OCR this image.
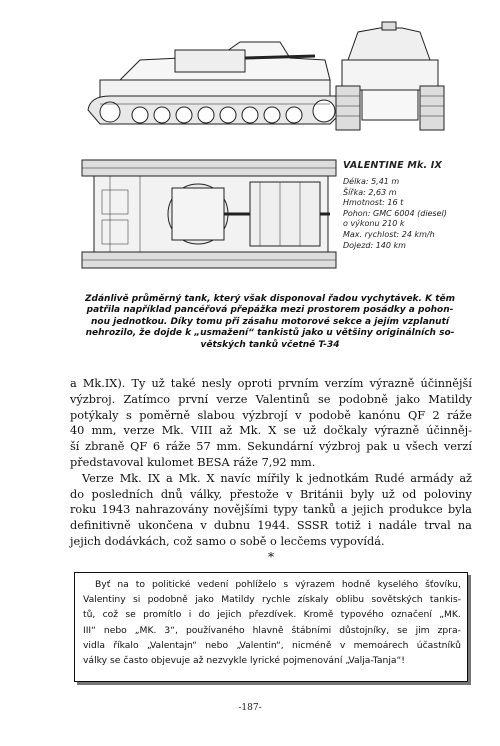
VALENTINE Mk. IX
Délka: 5,41 m
Šířka: 2,63 m
Hmotnost: 16 t
Pohon: GMC 6004 (diesel)
o výkonu 210 k
Max. rychlost: 24 km/h
Dojezd: 140 km
Zdánlivě průměrný tank, který však disponoval řadou vychytávek. K těm
patřila například pancéřová přepážka mezi prostorem posádky a pohon-
nou jednotkou. Díky tomu při zásahu motorové sekce a jejím vzplanutí
nehrozilo, že dojde k „usmažení“ tankistů jako u většiny originálních so-
větských tanků včetně T-34
a Mk.IX). Ty už také nesly oproti prvním verzím výrazně účinnější
výzbroj. Zatímco první verze Valentinů se podobně jako Matildy
potýkaly s poměrně slabou výzbrojí v podobě kanónu QF 2 ráže
40 mm, verze Mk. VIII až Mk. X se už dočkaly výrazně účinněj-
ší zbraně QF 6 ráže 57 mm. Sekundární výzbroj pak u všech verzí
představoval kulomet BESA ráže 7,92 mm.
Verze Mk. IX a Mk. X navíc mířily k jednotkám Rudé armády až
do posledních dnů války, přestože v Británii byly už od poloviny
roku 1943 nahrazovány novějšími typy tanků a jejich produkce byla
definitivně ukončena v dubnu 1944. SSSR totiž i nadále trval na
jejich dodávkách, což samo o sobě o lecčems vypovídá.
*
Byť na to politické vedení pohlíželo s výrazem hodně kyselého šťovíku,
Valentiny si podobně jako Matildy rychle získaly oblibu sovětských tankis-
tů, což se promítlo i do jejich přezdívek. Kromě typového označení „MK.
III“ nebo „MK. 3“, používaného hlavně štábními důstojníky, se jim zpra-
vidla říkalo „Valentajn“ nebo „Valentin“, nicméně v memoárech účastníků
války se často objevuje až nezvykle lyrické pojmenování „Valja-Tanja“!
-187-
